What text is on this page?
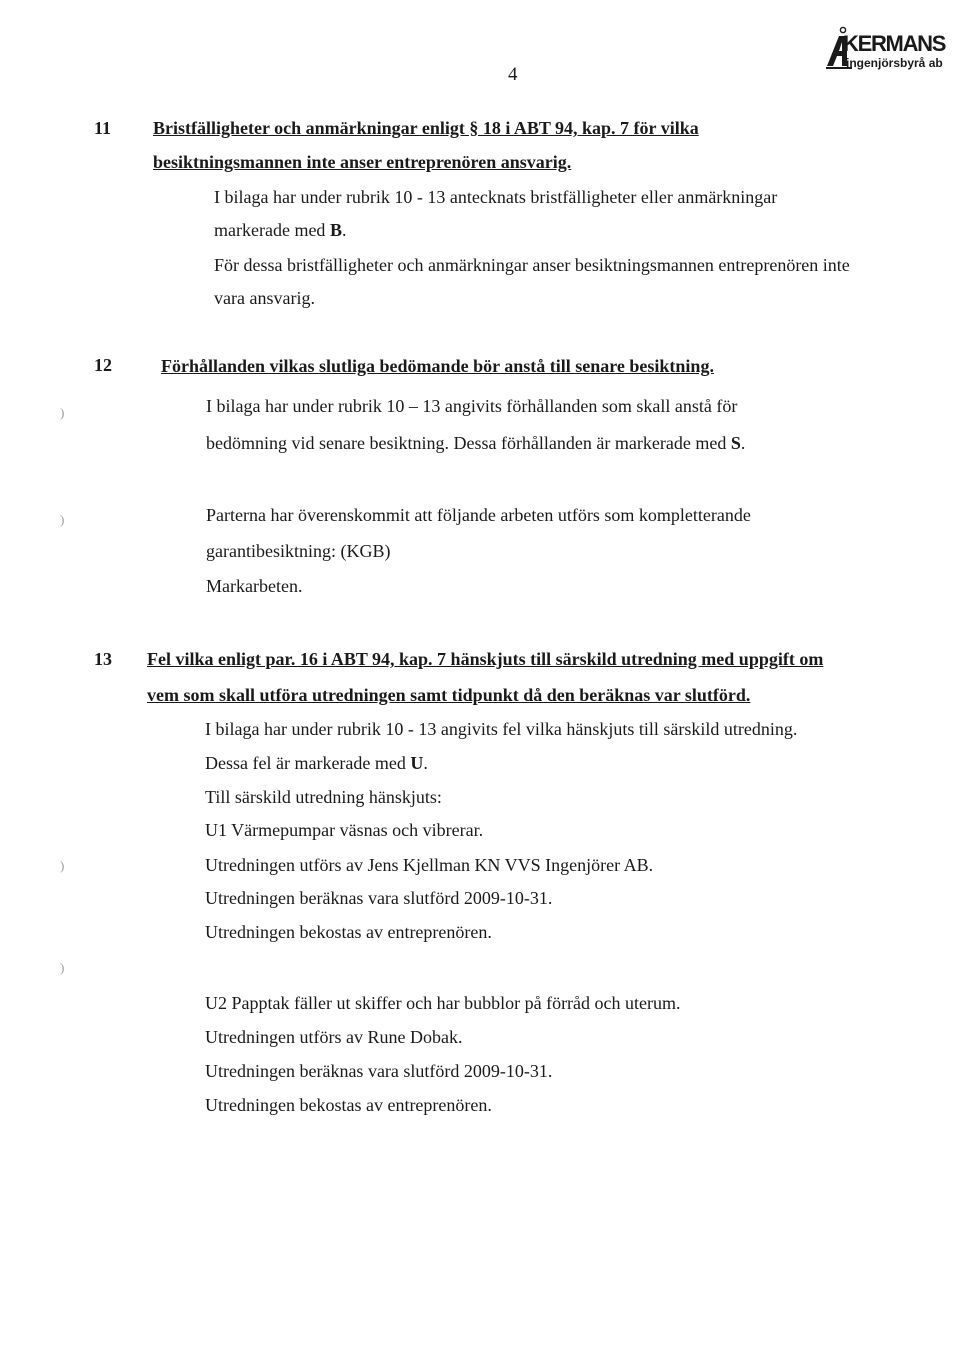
4
KERMANS
ingenjörsbyrå ab
11 Bristfälligheter och anmärkningar enligt § 18 i ABT 94, kap. 7 för vilka
besiktningsmannen inte anser entreprenören ansvarig.
I bilaga har under rubrik 10 - 13 antecknats bristfälligheter eller anmärkningar
markerade med B.
För dessa bristfälligheter och anmärkningar anser besiktningsmannen entreprenören inte
vara ansvarig.
12	Förhållanden vilkas slutliga bedömande bör anstå till senare besiktning.
I bilaga har under rubrik 10 – 13 angivits förhållanden som skall anstå för
bedömning vid senare besiktning. Dessa förhållanden är markerade med S.
Parterna har överenskommit att följande arbeten utförs som kompletterande
garantibesiktning: (KGB)
Markarbeten.
13 Fel vilka enligt par. 16 i ABT 94, kap. 7 hänskjuts till särskild utredning med uppgift om
vem som skall utföra utredningen samt tidpunkt då den beräknas var slutförd.
I bilaga har under rubrik 10 - 13 angivits fel vilka hänskjuts till särskild utredning.
Dessa fel är markerade med U.
Till särskild utredning hänskjuts:
U1 Värmepumpar väsnas och vibrerar.
Utredningen utförs av Jens Kjellman KN VVS Ingenjörer AB.
Utredningen beräknas vara slutförd 2009-10-31.
Utredningen bekostas av entreprenören.
U2 Papptak fäller ut skiffer och har bubblor på förråd och uterum.
Utredningen utförs av Rune Dobak.
Utredningen beräknas vara slutförd 2009-10-31.
Utredningen bekostas av entreprenören.
)
)
)
)
